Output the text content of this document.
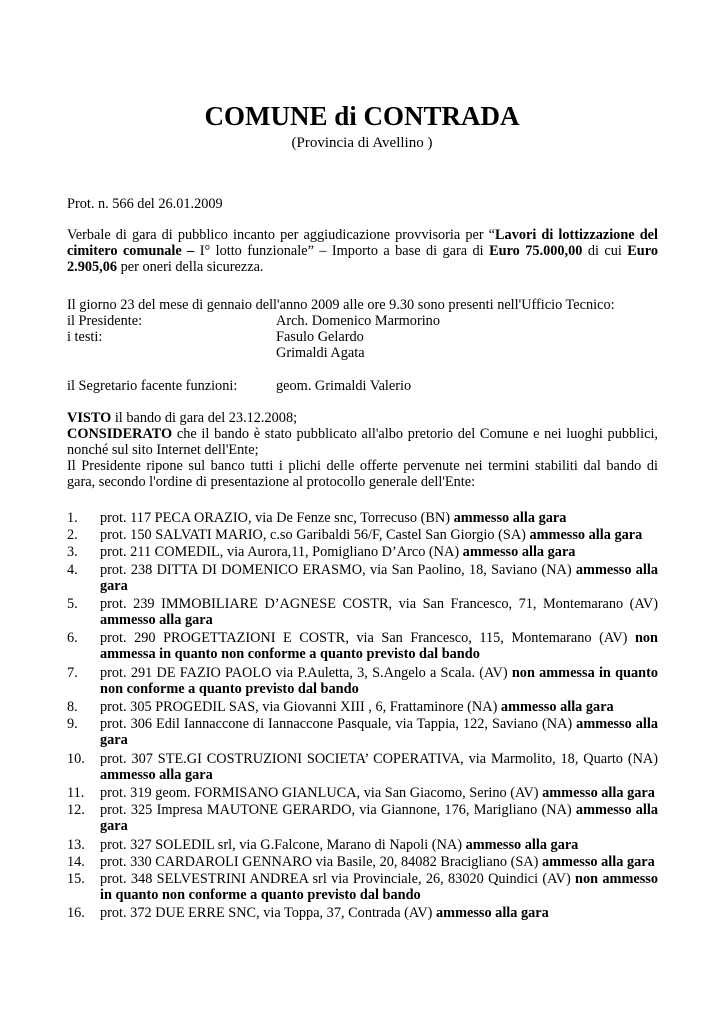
COMUNE di CONTRADA
(Provincia di Avellino )
Prot. n. 566 del 26.01.2009
Verbale di gara di pubblico incanto per aggiudicazione provvisoria per “Lavori di lottizzazione del cimitero comunale – I° lotto funzionale” – Importo a base di gara di Euro 75.000,00 di cui Euro 2.905,06 per oneri della sicurezza.
Il giorno 23 del mese di gennaio dell'anno 2009 alle ore 9.30 sono presenti nell'Ufficio Tecnico:
il Presidente:	Arch. Domenico Marmorino
i testi:	Fasulo Gelardo
Grimaldi Agata
il Segretario facente funzioni:	geom. Grimaldi Valerio
VISTO il bando di gara del 23.12.2008;
CONSIDERATO che il bando è stato pubblicato all'albo pretorio del Comune e nei luoghi pubblici, nonché sul sito Internet dell'Ente;
Il Presidente ripone sul banco tutti i plichi delle offerte pervenute nei termini stabiliti dal bando di gara, secondo l'ordine di presentazione al protocollo generale dell'Ente:
1.	prot. 117 PECA ORAZIO, via De Fenze snc, Torrecuso (BN) ammesso alla gara
2.	prot. 150 SALVATI MARIO, c.so Garibaldi 56/F, Castel San Giorgio (SA) ammesso alla gara
3.	prot. 211 COMEDIL, via Aurora,11, Pomigliano D’Arco (NA) ammesso alla gara
4.	prot. 238 DITTA DI DOMENICO ERASMO, via San Paolino, 18, Saviano (NA) ammesso alla gara
5.	prot. 239 IMMOBILIARE D’AGNESE COSTR, via San Francesco, 71, Montemarano (AV) ammesso alla gara
6.	prot. 290 PROGETTAZIONI E COSTR, via San Francesco, 115, Montemarano (AV) non ammessa in quanto non conforme a quanto previsto dal bando
7.	prot. 291 DE FAZIO PAOLO via P.Auletta, 3, S.Angelo a Scala. (AV) non ammessa in quanto non conforme a quanto previsto dal bando
8.	prot. 305 PROGEDIL SAS, via Giovanni XIII , 6, Frattaminore (NA) ammesso alla gara
9.	prot. 306 Edil Iannaccone di Iannaccone Pasquale, via Tappia, 122, Saviano (NA) ammesso alla gara
10.	prot. 307 STE.GI COSTRUZIONI SOCIETA’ COPERATIVA, via Marmolito, 18, Quarto (NA) ammesso alla gara
11.	prot. 319 geom. FORMISANO GIANLUCA, via San Giacomo, Serino (AV) ammesso alla gara
12.	prot. 325 Impresa MAUTONE GERARDO, via Giannone, 176, Marigliano (NA) ammesso alla gara
13.	prot. 327 SOLEDIL srl, via G.Falcone, Marano di Napoli (NA) ammesso alla gara
14.	prot. 330 CARDAROLI GENNARO via Basile, 20, 84082 Bracigliano (SA) ammesso alla gara
15.	prot. 348 SELVESTRINI ANDREA srl via Provinciale, 26, 83020 Quindici (AV) non ammesso in quanto non conforme a quanto previsto dal bando
16.	prot. 372 DUE ERRE SNC, via Toppa, 37, Contrada (AV) ammesso alla gara
